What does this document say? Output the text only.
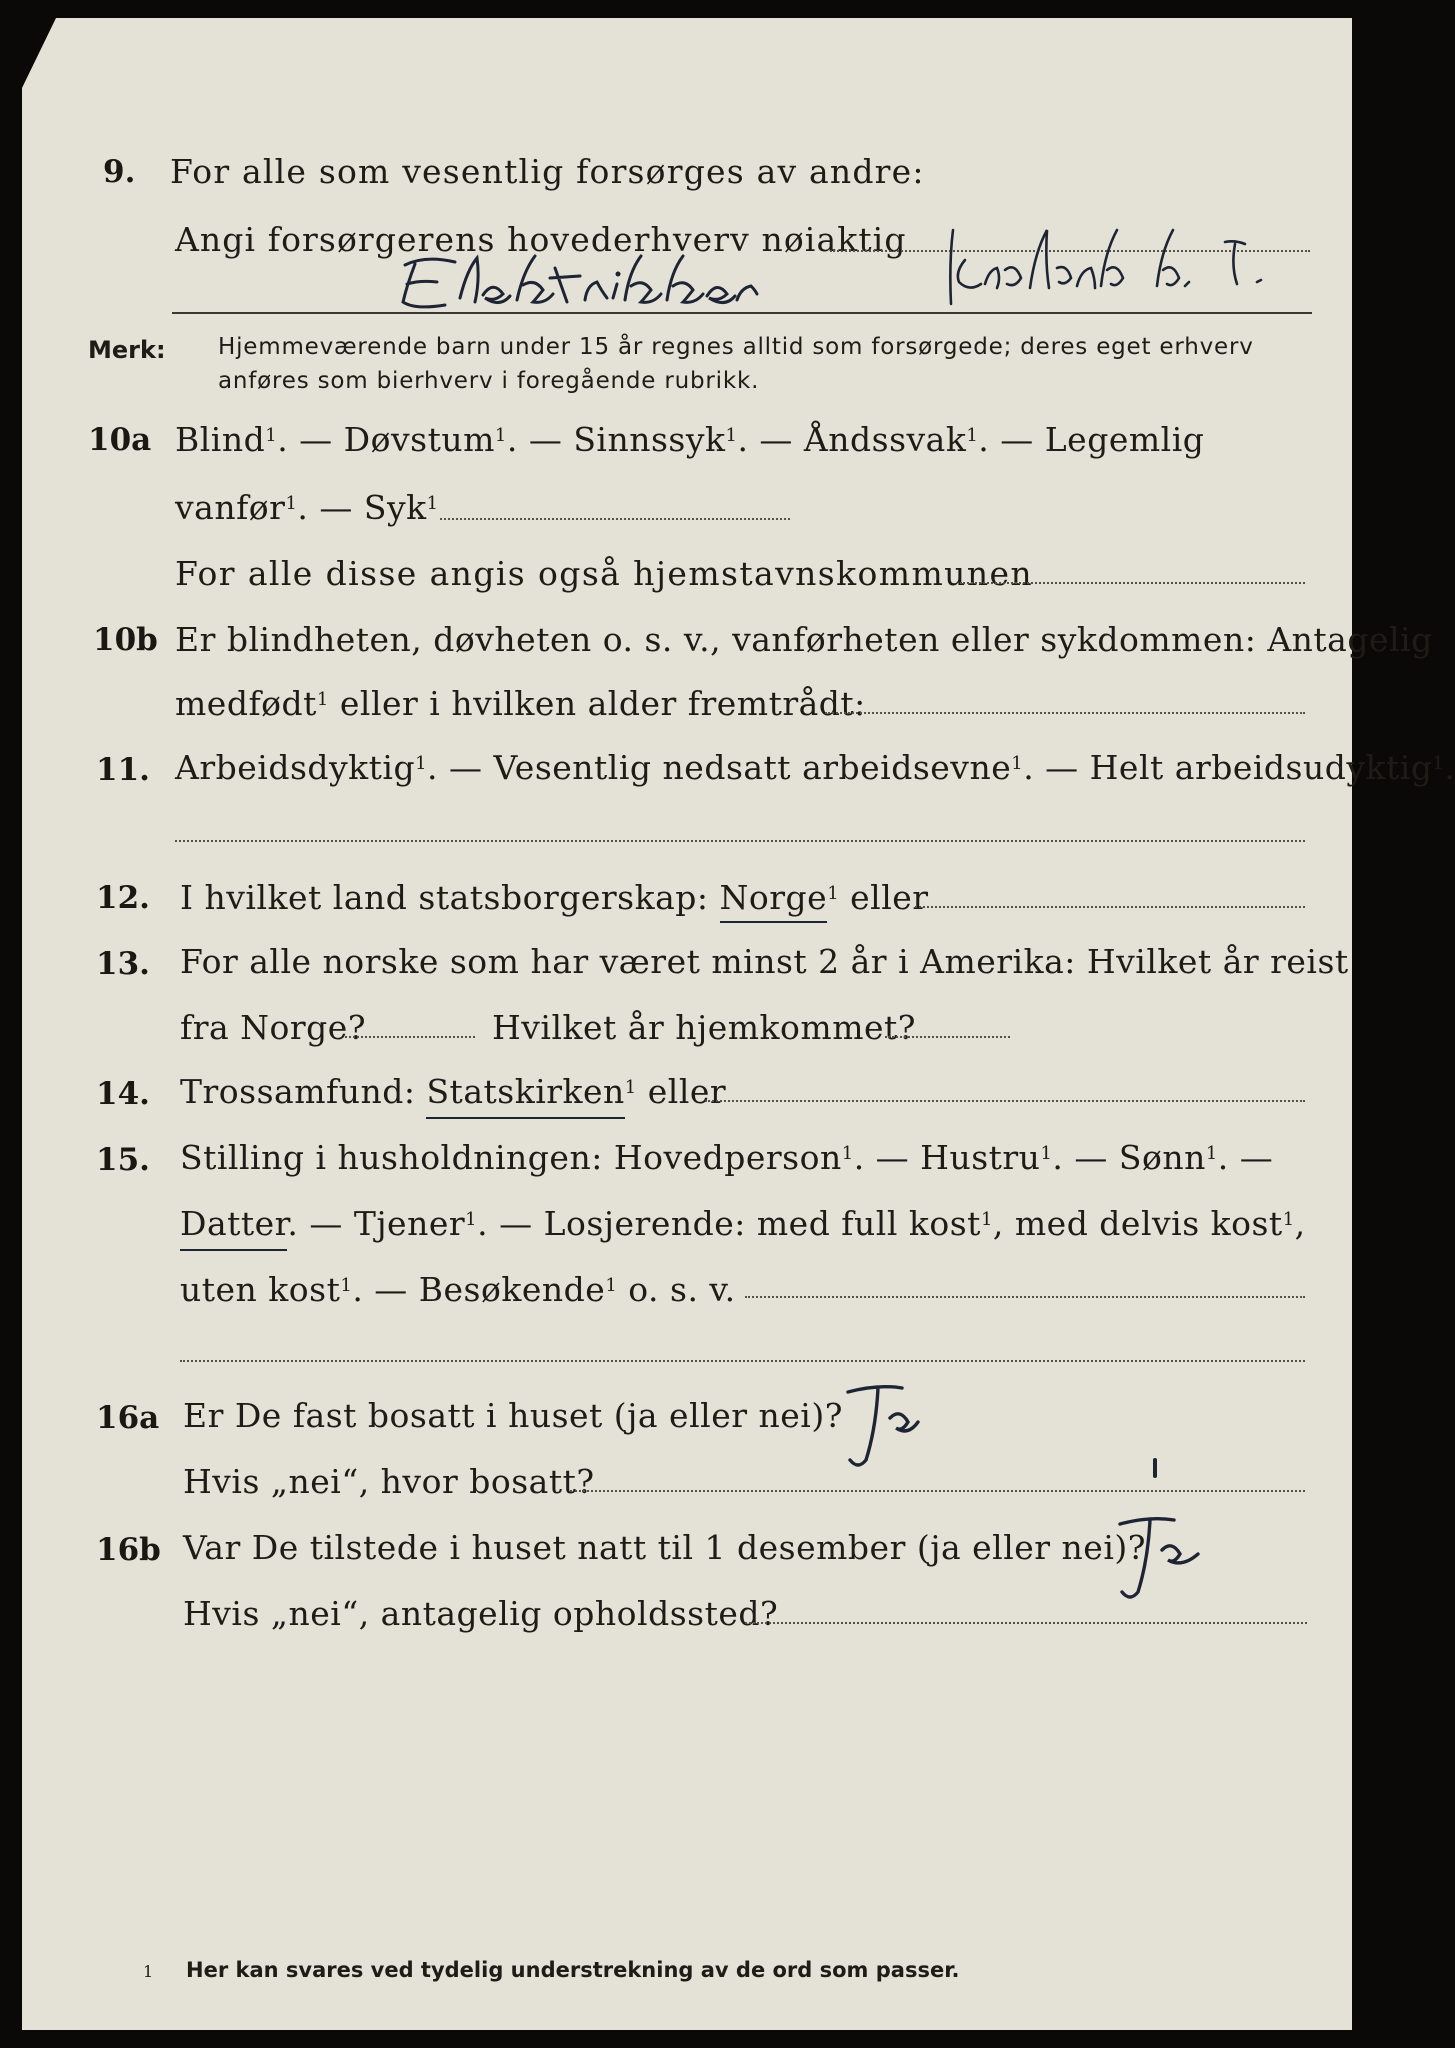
9. For alle som vesentlig forsørges av andre:
Angi forsørgerens hovederhverv nøiaktig
Merk: Hjemmeværende barn under 15 år regnes alltid som forsørgede; deres eget erhverv anføres som bierhverv i foregående rubrikk.
10a Blind$^1$. — Døvstum$^1$. — Sinnssyk$^1$. — Åndssvak$^1$. — Legemlig
vanfør$^1$. — Syk$^1$
For alle disse angis også hjemstavnskommunen
10b Er blindheten, døvheten o. s. v., vanførheten eller sykdommen: Antagelig
medfødt$^1$ eller i hvilken alder fremtrådt:
11. Arbeidsdyktig$^1$. — Vesentlig nedsatt arbeidsevne$^1$. — Helt arbeidsudyktig$^1$.
12. I hvilket land statsborgerskap: Norge$^1$ eller
13. For alle norske som har været minst 2 år i Amerika: Hvilket år reist
fra Norge?	Hvilket år hjemkommet?
14. Trossamfund: Statskirken$^1$ eller
15. Stilling i husholdningen: Hovedperson$^1$. — Hustru$^1$. — Sønn$^1$. —
Datter. — Tjener$^1$. — Losjerende: med full kost$^1$, med delvis kost$^1$,
uten kost$^1$. — Besøkende$^1$ o. s. v.
16a Er De fast bosatt i huset (ja eller nei)?
Hvis „nei“, hvor bosatt?
16b Var De tilstede i huset natt til 1 desember (ja eller nei)?
Hvis „nei“, antagelig opholdssted?
1 Her kan svares ved tydelig understrekning av de ord som passer.
